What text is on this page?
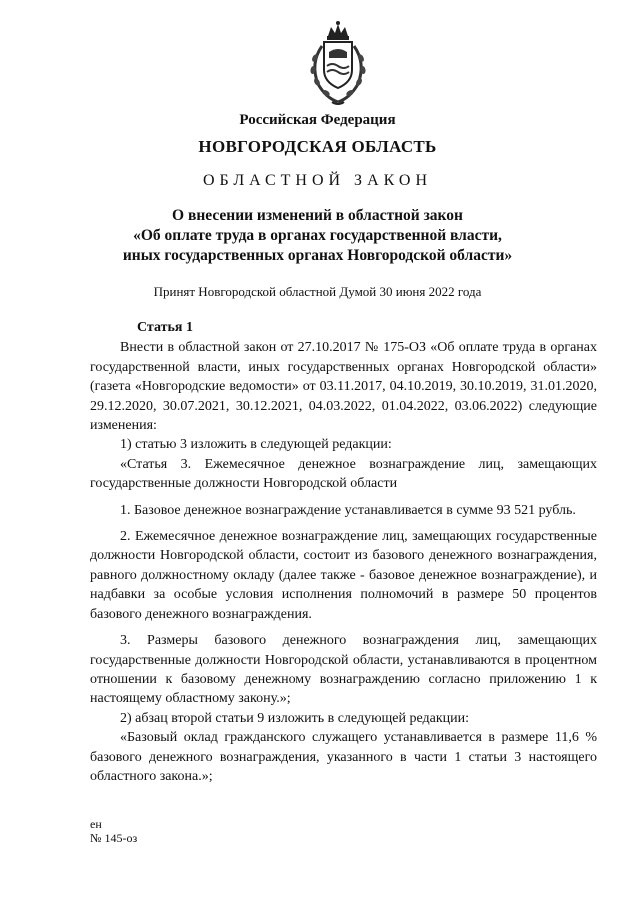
Российская Федерация
НОВГОРОДСКАЯ ОБЛАСТЬ
ОБЛАСТНОЙ ЗАКОН
О внесении изменений в областной закон
«Об оплате труда в органах государственной власти,
иных государственных органах Новгородской области»
Принят Новгородской областной Думой 30 июня 2022 года

Статья 1

Внести в областной закон от 27.10.2017 № 175-ОЗ «Об оплате труда в органах государственной власти, иных государственных органах Новгородской области» (газета «Новгородские ведомости» от 03.11.2017, 04.10.2019, 30.10.2019, 31.01.2020, 29.12.2020, 30.07.2021, 30.12.2021, 04.03.2022, 01.04.2022, 03.06.2022) следующие изменения:

1) статью 3 изложить в следующей редакции:

«Статья 3. Ежемесячное денежное вознаграждение лиц, замещающих государственные должности Новгородской области

1. Базовое денежное вознаграждение устанавливается в сумме 93 521 рубль.

2. Ежемесячное денежное вознаграждение лиц, замещающих государственные должности Новгородской области, состоит из базового денежного вознаграждения, равного должностному окладу (далее также - базовое денежное вознаграждение), и надбавки за особые условия исполнения полномочий в размере 50 процентов базового денежного вознаграждения.

3. Размеры базового денежного вознаграждения лиц, замещающих государственные должности Новгородской области, устанавливаются в процентном отношении к базовому денежному вознаграждению согласно приложению 1 к настоящему областному закону.»;

2) абзац второй статьи 9 изложить в следующей редакции:

«Базовый оклад гражданского служащего устанавливается в размере 11,6 % базового денежного вознаграждения, указанного в части 1 статьи 3 настоящего областного закона.»;

ен
№ 145-оз
